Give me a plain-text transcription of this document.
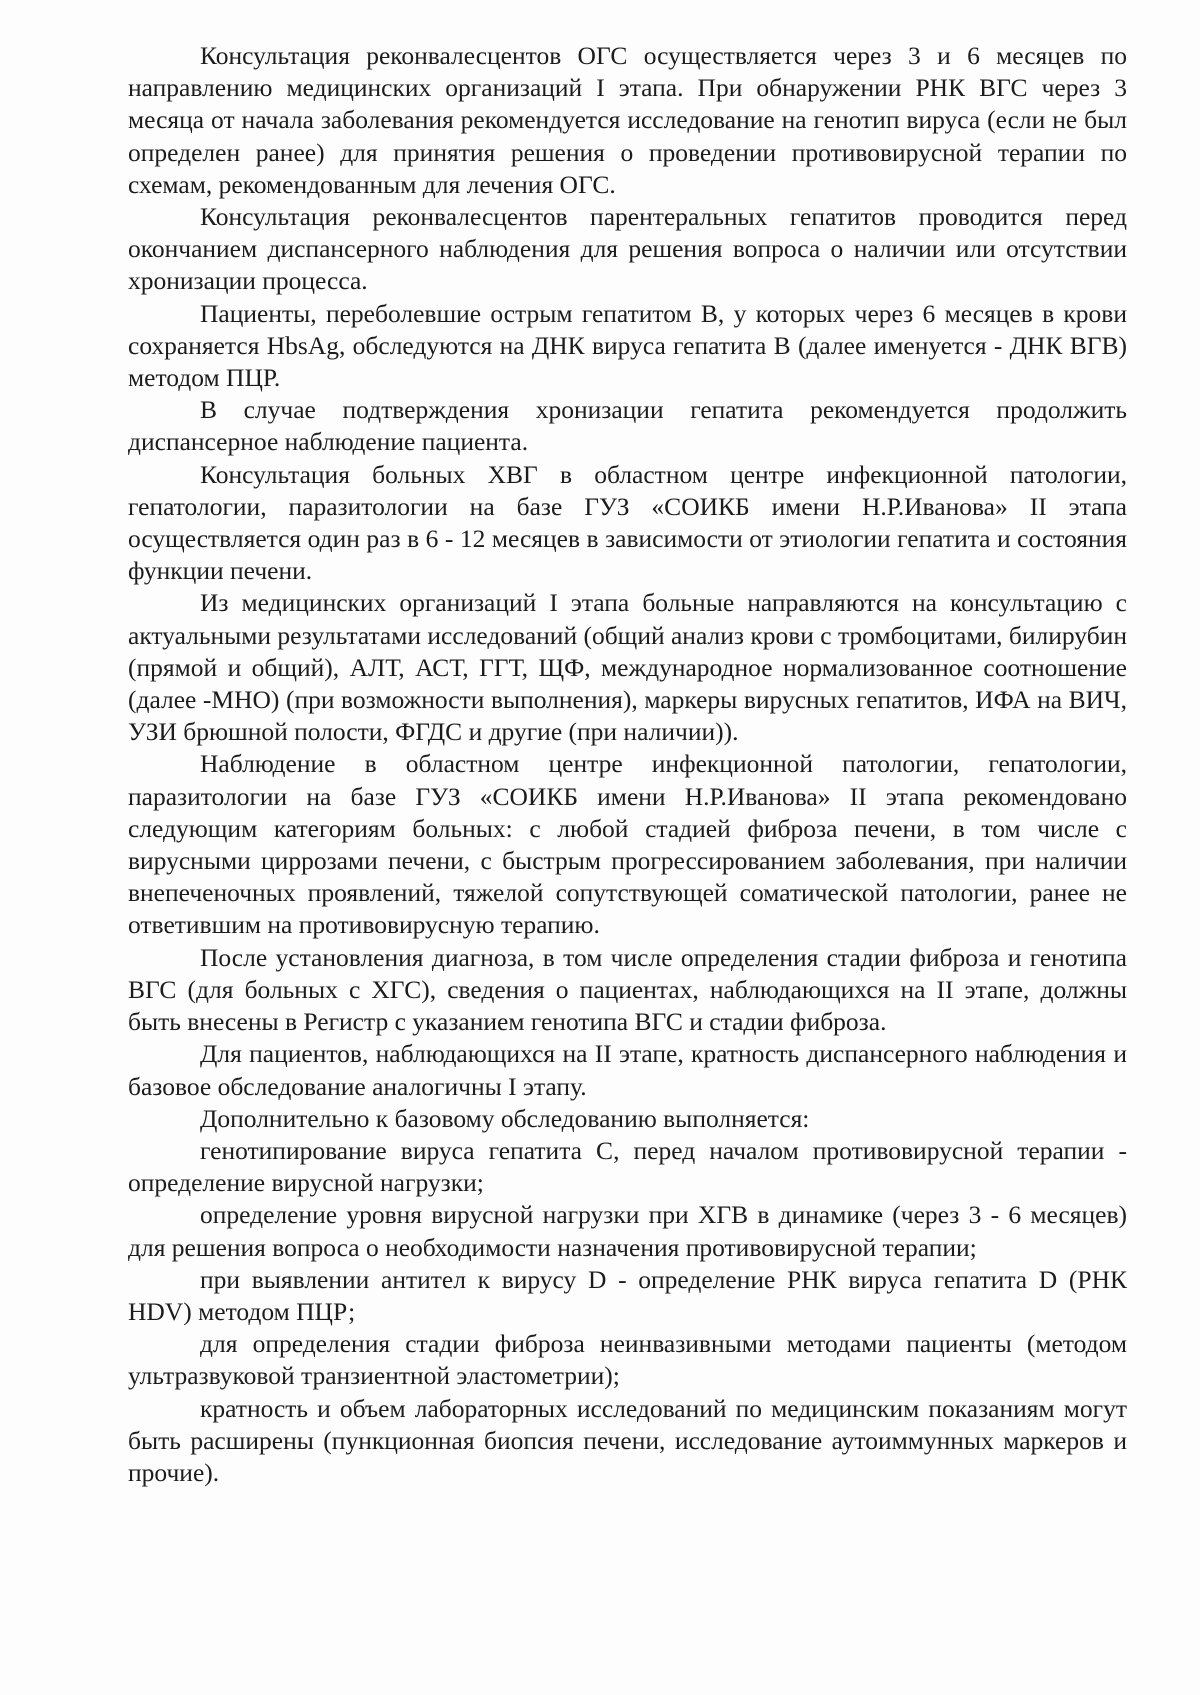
Консультация реконвалесцентов ОГС осуществляется через 3 и 6 месяцев по направлению медицинских организаций I этапа. При обнаружении РНК ВГС через 3 месяца от начала заболевания рекомендуется исследование на генотип вируса (если не был определен ранее) для принятия решения о проведении противовирусной терапии по схемам, рекомендованным для лечения ОГС.

Консультация реконвалесцентов парентеральных гепатитов проводится перед окончанием диспансерного наблюдения для решения вопроса о наличии или отсутствии хронизации процесса.

Пациенты, переболевшие острым гепатитом В, у которых через 6 месяцев в крови сохраняется HbsAg, обследуются на ДНК вируса гепатита В (далее именуется - ДНК ВГВ) методом ПЦР.

В случае подтверждения хронизации гепатита рекомендуется продолжить диспансерное наблюдение пациента.

Консультация больных ХВГ в областном центре инфекционной патологии, гепатологии, паразитологии на базе ГУЗ «СОИКБ имени Н.Р.Иванова» II этапа осуществляется один раз в 6 - 12 месяцев в зависимости от этиологии гепатита и состояния функции печени.

Из медицинских организаций I этапа больные направляются на консультацию с актуальными результатами исследований (общий анализ крови с тромбоцитами, билирубин (прямой и общий), АЛТ, АСТ, ГГТ, ЩФ, международное нормализованное соотношение (далее -МНО) (при возможности выполнения), маркеры вирусных гепатитов, ИФА на ВИЧ, УЗИ брюшной полости, ФГДС и другие (при наличии)).

Наблюдение в областном центре инфекционной патологии, гепатологии, паразитологии на базе ГУЗ «СОИКБ имени Н.Р.Иванова» II этапа рекомендовано следующим категориям больных: с любой стадией фиброза печени, в том числе с вирусными циррозами печени, с быстрым прогрессированием заболевания, при наличии внепеченочных проявлений, тяжелой сопутствующей соматической патологии, ранее не ответившим на противовирусную терапию.

После установления диагноза, в том числе определения стадии фиброза и генотипа ВГС (для больных с ХГС), сведения о пациентах, наблюдающихся на II этапе, должны быть внесены в Регистр с указанием генотипа ВГС и стадии фиброза.

Для пациентов, наблюдающихся на II этапе, кратность диспансерного наблюдения и базовое обследование аналогичны I этапу.

Дополнительно к базовому обследованию выполняется:

генотипирование вируса гепатита С, перед началом противовирусной терапии - определение вирусной нагрузки;

определение уровня вирусной нагрузки при ХГВ в динамике (через 3 - 6 месяцев) для решения вопроса о необходимости назначения противовирусной терапии;

при выявлении антител к вирусу D - определение РНК вируса гепатита D (РНК HDV) методом ПЦР;

для определения стадии фиброза неинвазивными методами пациенты (методом ультразвуковой транзиентной эластометрии);

кратность и объем лабораторных исследований по медицинским показаниям могут быть расширены (пункционная биопсия печени, исследование аутоиммунных маркеров и прочие).
